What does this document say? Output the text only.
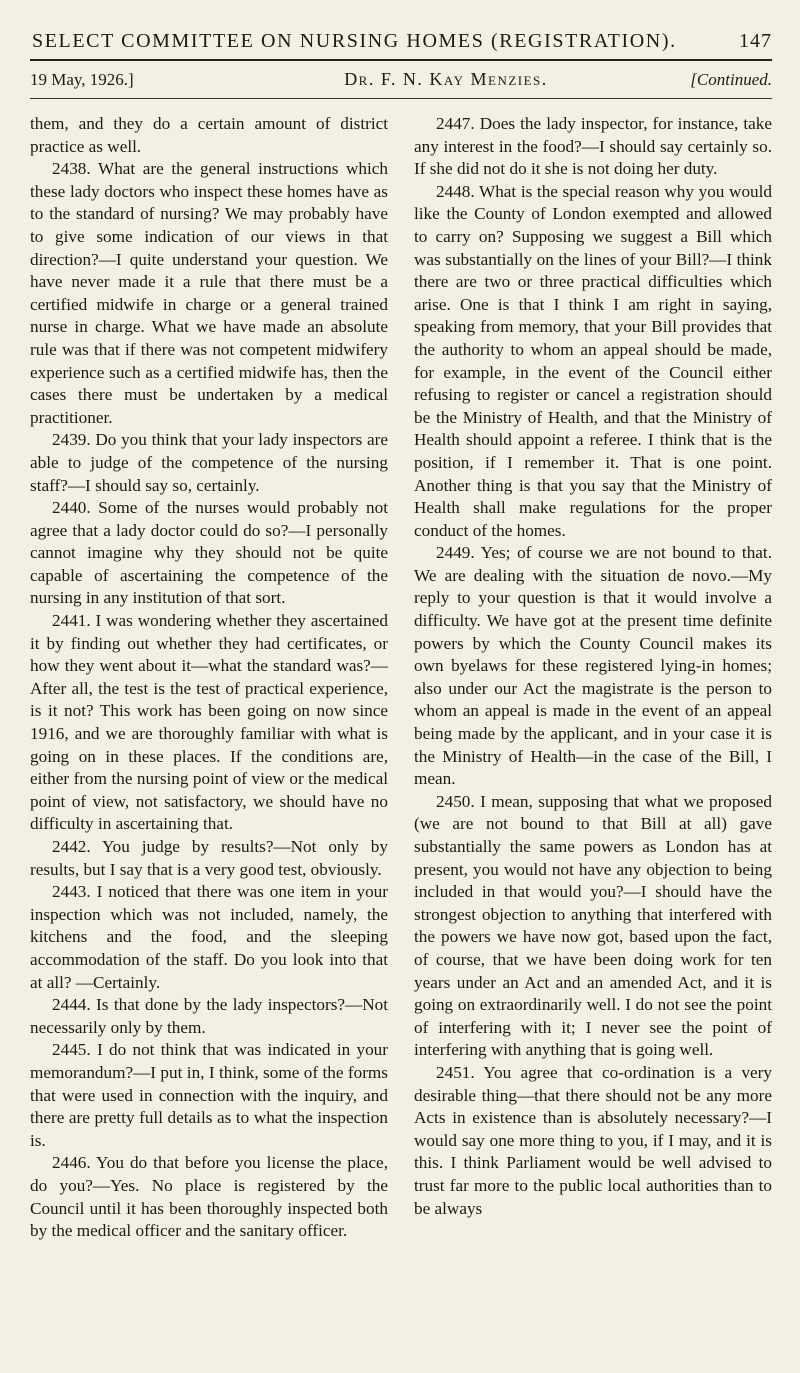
SELECT COMMITTEE ON NURSING HOMES (REGISTRATION).	147
19 May, 1926.]	Dr. F. N. Kay Menzies.	[Continued.

them, and they do a certain amount of district practice as well.

2438. What are the general instructions which these lady doctors who inspect these homes have as to the standard of nursing? We may probably have to give some indication of our views in that direction?—I quite understand your question. We have never made it a rule that there must be a certified midwife in charge or a general trained nurse in charge. What we have made an absolute rule was that if there was not competent midwifery experience such as a certified midwife has, then the cases there must be undertaken by a medical practitioner.

2439. Do you think that your lady inspectors are able to judge of the competence of the nursing staff?—I should say so, certainly.

2440. Some of the nurses would probably not agree that a lady doctor could do so?—I personally cannot imagine why they should not be quite capable of ascertaining the competence of the nursing in any institution of that sort.

2441. I was wondering whether they ascertained it by finding out whether they had certificates, or how they went about it—what the standard was?—After all, the test is the test of practical experience, is it not? This work has been going on now since 1916, and we are thoroughly familiar with what is going on in these places. If the conditions are, either from the nursing point of view or the medical point of view, not satisfactory, we should have no difficulty in ascertaining that.

2442. You judge by results?—Not only by results, but I say that is a very good test, obviously.

2443. I noticed that there was one item in your inspection which was not included, namely, the kitchens and the food, and the sleeping accommodation of the staff. Do you look into that at all? —Certainly.

2444. Is that done by the lady inspectors?—Not necessarily only by them.

2445. I do not think that was indicated in your memorandum?—I put in, I think, some of the forms that were used in connection with the inquiry, and there are pretty full details as to what the inspection is.

2446. You do that before you license the place, do you?—Yes. No place is registered by the Council until it has been thoroughly inspected both by the medical officer and the sanitary officer.

2447. Does the lady inspector, for instance, take any interest in the food?—I should say certainly so. If she did not do it she is not doing her duty.

2448. What is the special reason why you would like the County of London exempted and allowed to carry on? Supposing we suggest a Bill which was substantially on the lines of your Bill?—I think there are two or three practical difficulties which arise. One is that I think I am right in saying, speaking from memory, that your Bill provides that the authority to whom an appeal should be made, for example, in the event of the Council either refusing to register or cancel a registration should be the Ministry of Health, and that the Ministry of Health should appoint a referee. I think that is the position, if I remember it. That is one point. Another thing is that you say that the Ministry of Health shall make regulations for the proper conduct of the homes.

2449. Yes; of course we are not bound to that. We are dealing with the situation de novo.—My reply to your question is that it would involve a difficulty. We have got at the present time definite powers by which the County Council makes its own byelaws for these registered lying-in homes; also under our Act the magistrate is the person to whom an appeal is made in the event of an appeal being made by the applicant, and in your case it is the Ministry of Health—in the case of the Bill, I mean.

2450. I mean, supposing that what we proposed (we are not bound to that Bill at all) gave substantially the same powers as London has at present, you would not have any objection to being included in that would you?—I should have the strongest objection to anything that interfered with the powers we have now got, based upon the fact, of course, that we have been doing work for ten years under an Act and an amended Act, and it is going on extraordinarily well. I do not see the point of interfering with it; I never see the point of interfering with anything that is going well.

2451. You agree that co-ordination is a very desirable thing—that there should not be any more Acts in existence than is absolutely necessary?—I would say one more thing to you, if I may, and it is this. I think Parliament would be well advised to trust far more to the public local authorities than to be always
